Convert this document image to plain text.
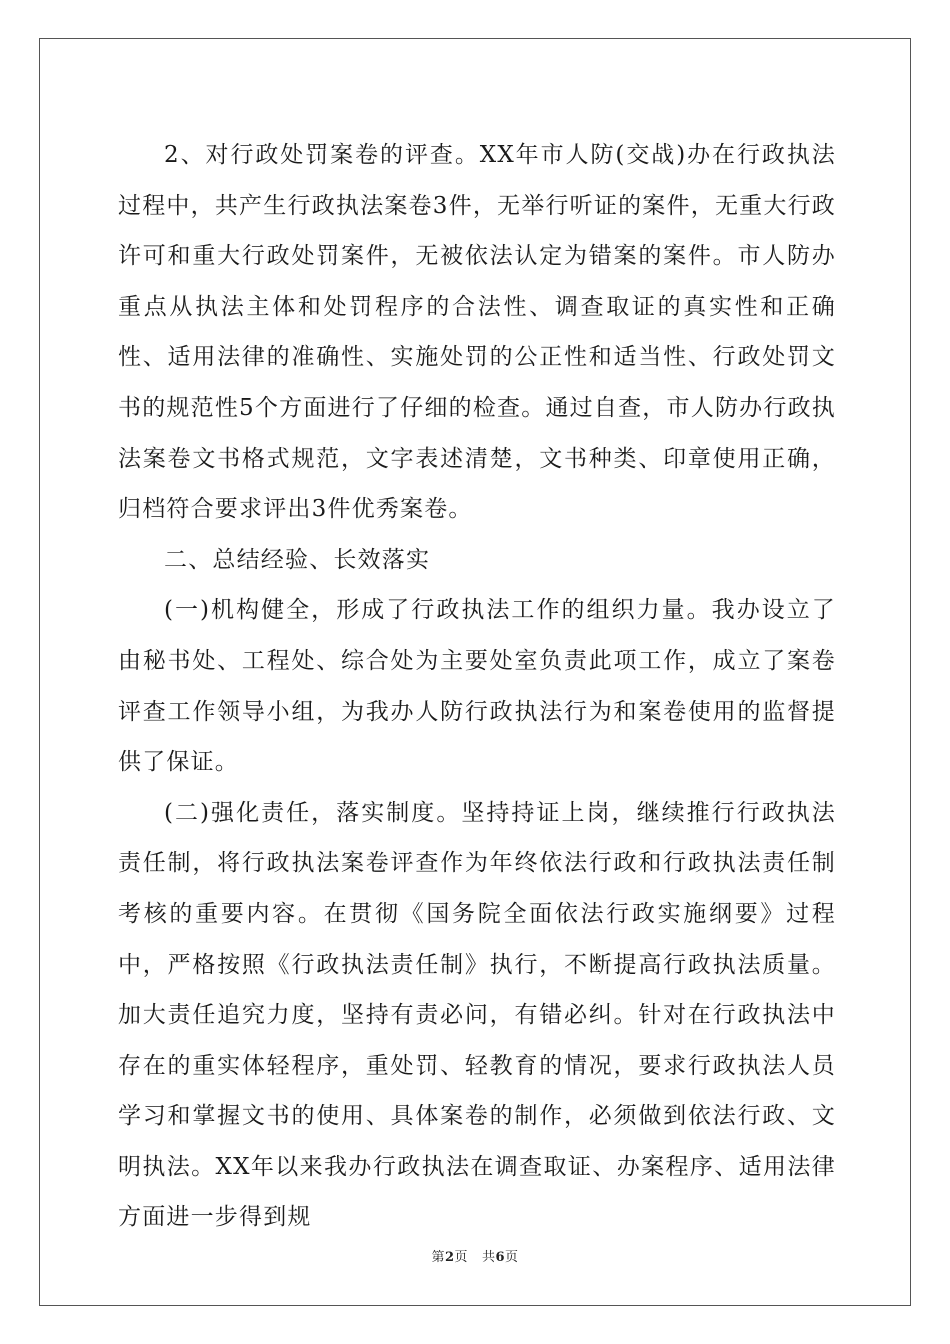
2、对行政处罚案卷的评查。XX年市人防(交战)办在行政执法过程中，共产生行政执法案卷3件，无举行听证的案件，无重大行政许可和重大行政处罚案件，无被依法认定为错案的案件。市人防办重点从执法主体和处罚程序的合法性、调查取证的真实性和正确性、适用法律的准确性、实施处罚的公正性和适当性、行政处罚文书的规范性5个方面进行了仔细的检查。通过自查，市人防办行政执法案卷文书格式规范，文字表述清楚，文书种类、印章使用正确，归档符合要求评出3件优秀案卷。

二、总结经验、长效落实

(一)机构健全，形成了行政执法工作的组织力量。我办设立了由秘书处、工程处、综合处为主要处室负责此项工作，成立了案卷评查工作领导小组，为我办人防行政执法行为和案卷使用的监督提供了保证。

(二)强化责任，落实制度。坚持持证上岗，继续推行行政执法责任制，将行政执法案卷评查作为年终依法行政和行政执法责任制考核的重要内容。在贯彻《国务院全面依法行政实施纲要》过程中，严格按照《行政执法责任制》执行，不断提高行政执法质量。加大责任追究力度，坚持有责必问，有错必纠。针对在行政执法中存在的重实体轻程序，重处罚、轻教育的情况，要求行政执法人员学习和掌握文书的使用、具体案卷的制作，必须做到依法行政、文明执法。XX年以来我办行政执法在调查取证、办案程序、适用法律方面进一步得到规

第2页 共6页
